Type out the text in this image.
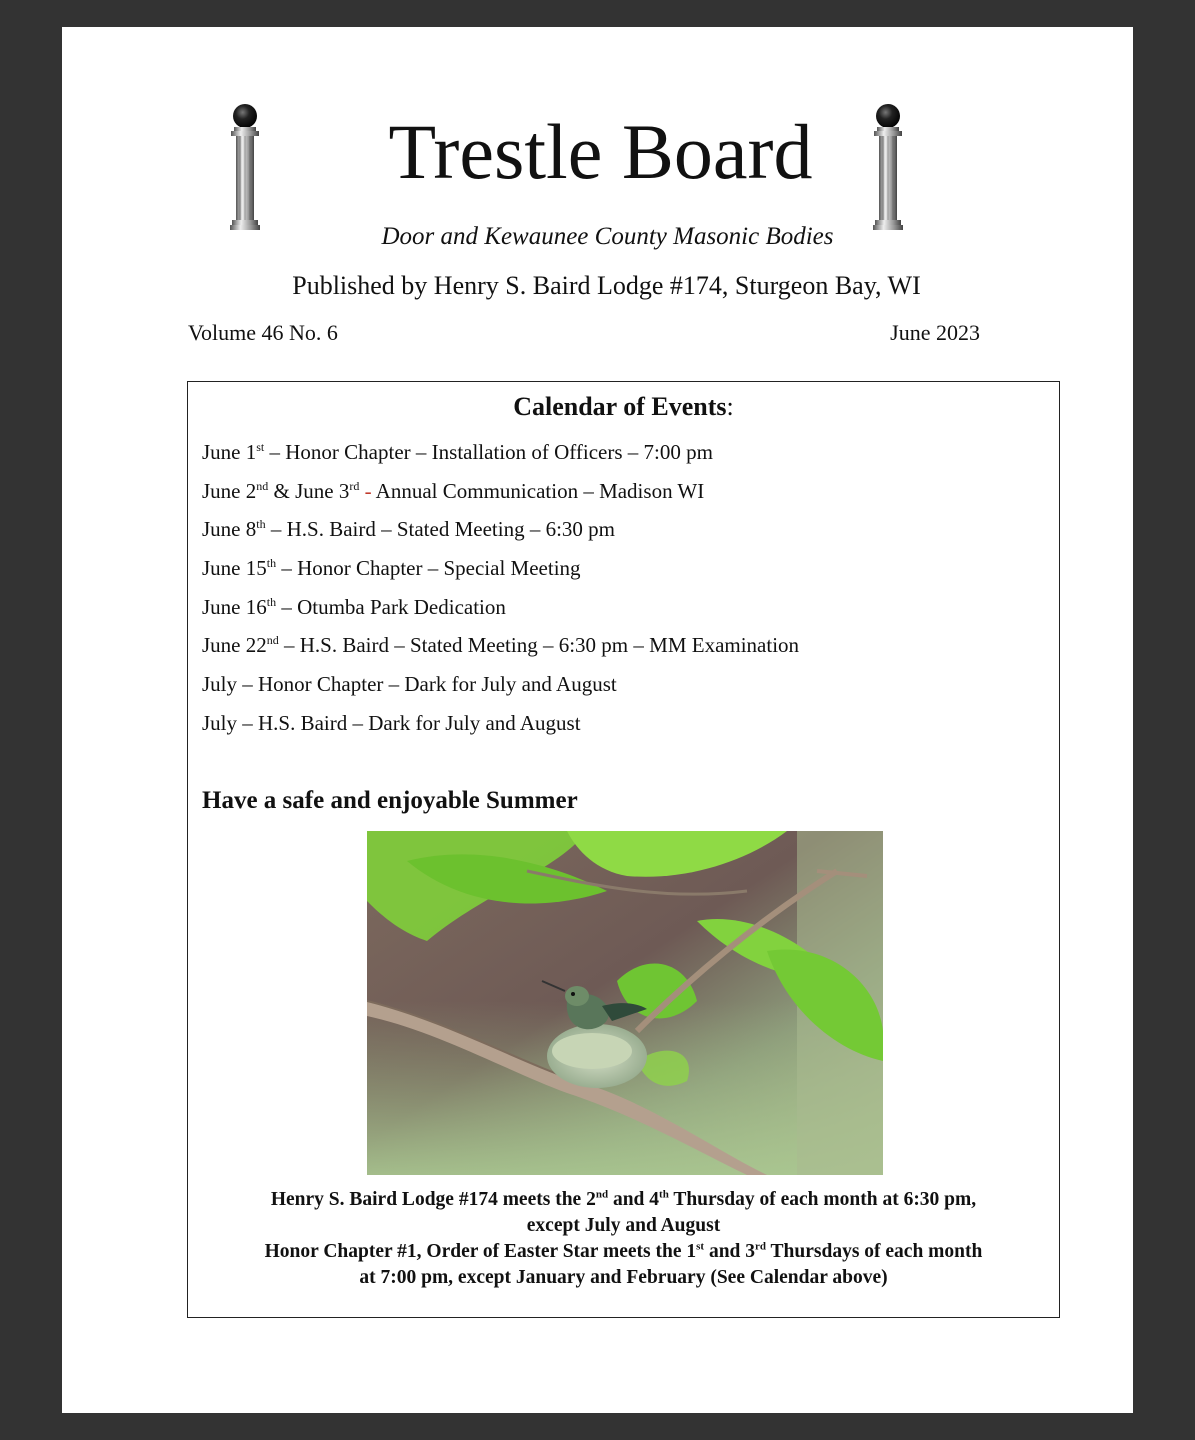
Trestle Board
Door and Kewaunee County Masonic Bodies
Published by Henry S. Baird Lodge #174, Sturgeon Bay, WI
Volume 46 No. 6	June 2023
Calendar of Events:
June 1st – Honor Chapter – Installation of Officers – 7:00 pm
June 2nd & June 3rd - Annual Communication – Madison WI
June 8th – H.S. Baird – Stated Meeting – 6:30 pm
June 15th – Honor Chapter – Special Meeting
June 16th – Otumba Park Dedication
June 22nd – H.S. Baird – Stated Meeting – 6:30 pm – MM Examination
July – Honor Chapter – Dark for July and August
July – H.S. Baird – Dark for July and August
Have a safe and enjoyable Summer
Henry S. Baird Lodge #174 meets the 2nd and 4th Thursday of each month at 6:30 pm,
except July and August
Honor Chapter #1, Order of Easter Star meets the 1st and 3rd Thursdays of each month
at 7:00 pm, except January and February (See Calendar above)
